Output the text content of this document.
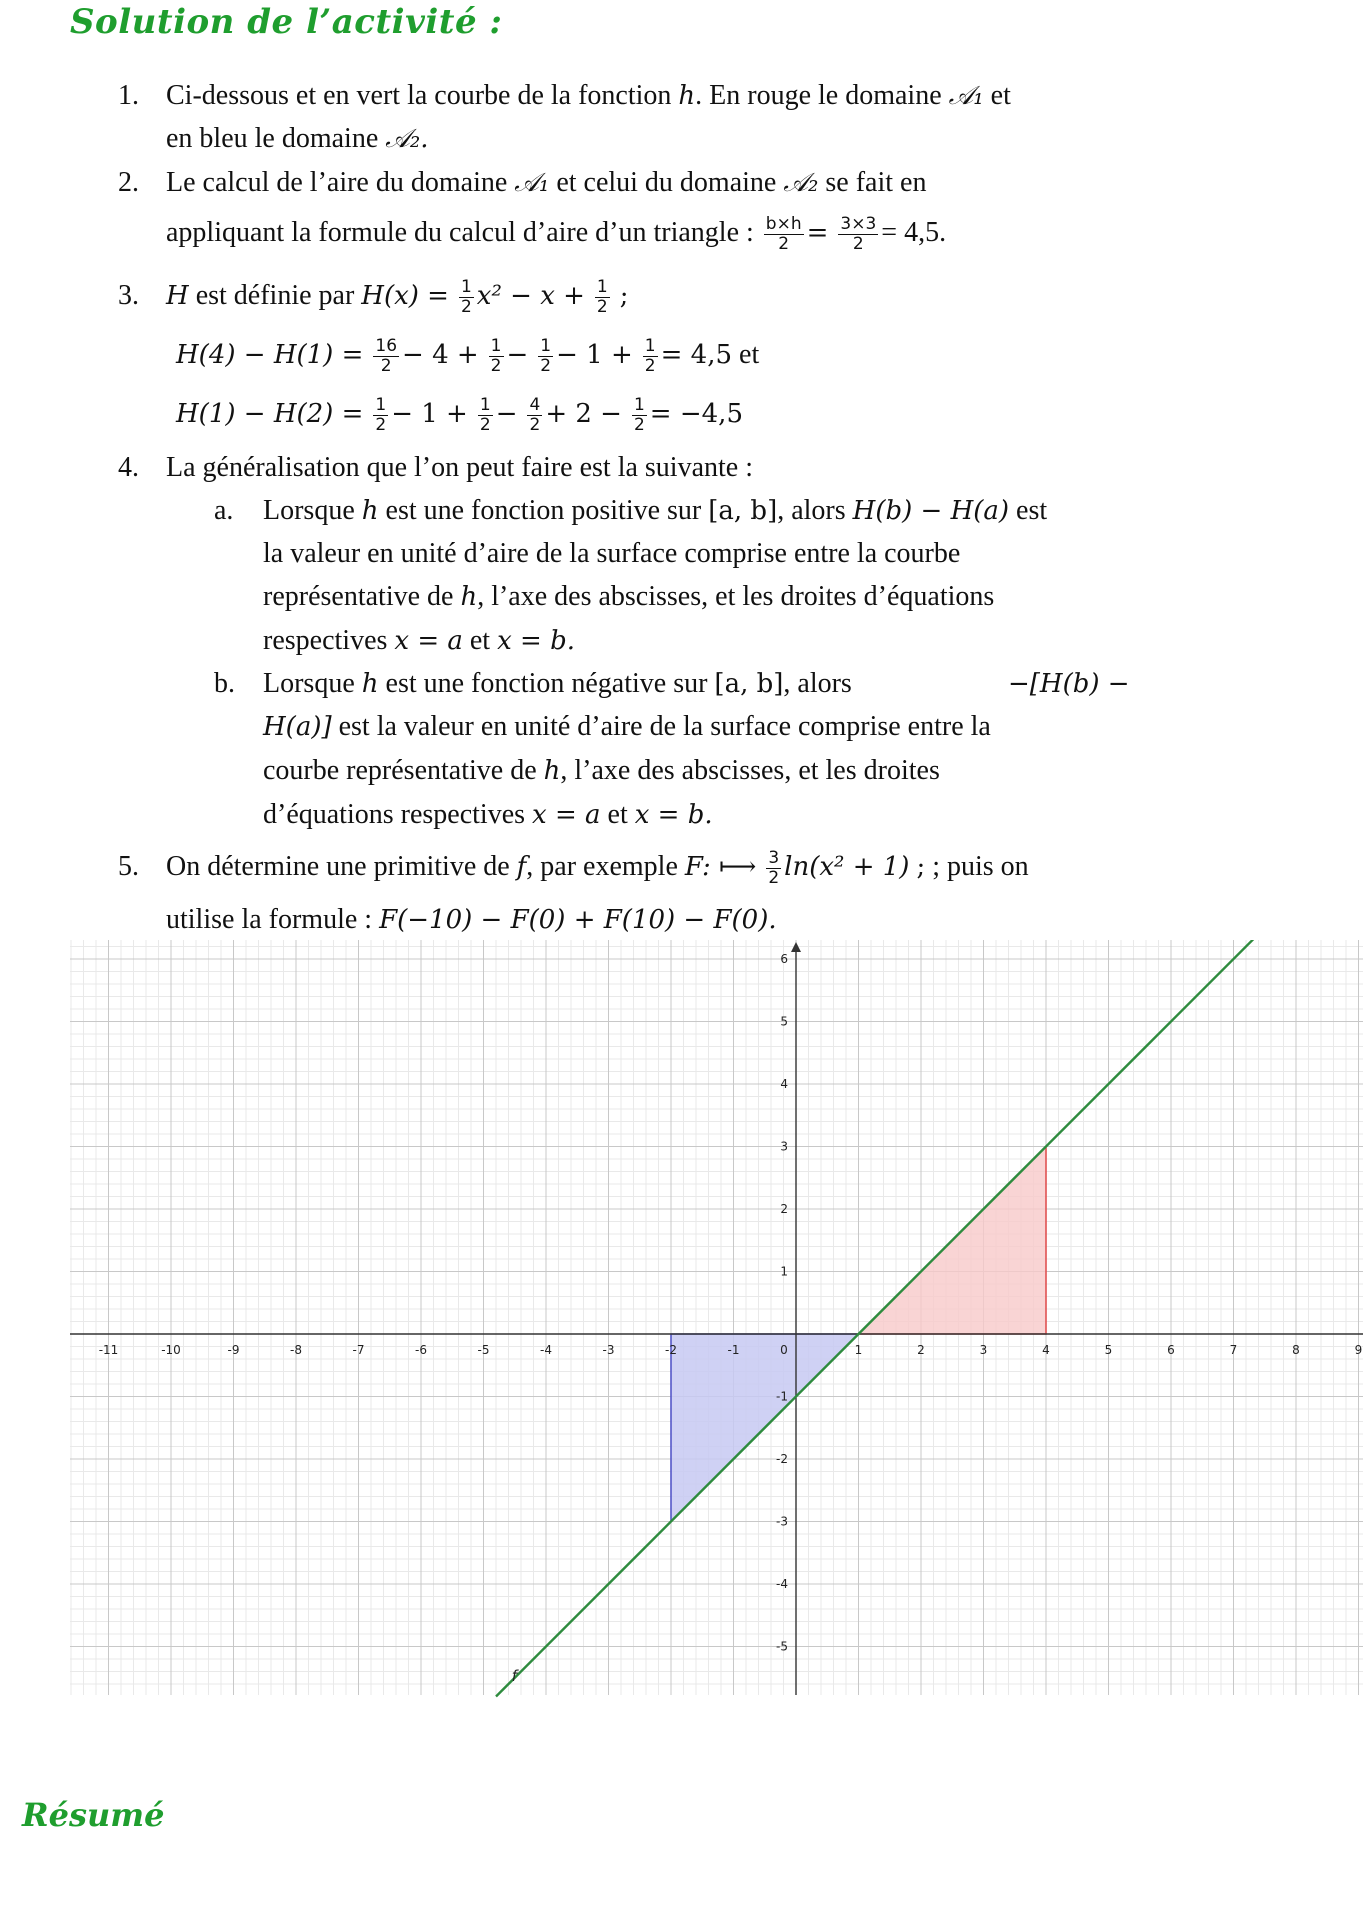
Solution de l’activité :
1. Ci-dessous et en vert la courbe de la fonction h. En rouge le domaine 𝒜₁ et
en bleu le domaine 𝒜₂.
2. Le calcul de l’aire du domaine 𝒜₁ et celui du domaine 𝒜₂ se fait en
appliquant la formule du calcul d’aire d’un triangle : $\frac{b\times h}{2} = \frac{3\times 3}{2} = 4,5$.
3. H est définie par $H(x) = \frac{1}{2} x^2 - x + \frac{1}{2}$ ;
$H(4) - H(1) = \frac{16}{2} - 4 + \frac{1}{2} - \frac{1}{2} - 1 + \frac{1}{2} = 4,5$ et
$H(1) - H(2) = \frac{1}{2} - 1 + \frac{1}{2} - \frac{4}{2} + 2 - \frac{1}{2} = -4,5$
4. La généralisation que l’on peut faire est la suivante :
a. Lorsque h est une fonction positive sur [a, b], alors H(b) − H(a) est
la valeur en unité d’aire de la surface comprise entre la courbe
représentative de h, l’axe des abscisses, et les droites d’équations
respectives x = a et x = b.
b. Lorsque h est une fonction négative sur [a, b], alors	−[H(b) −
H(a)] est la valeur en unité d’aire de la surface comprise entre la
courbe représentative de h, l’axe des abscisses, et les droites
d’équations respectives x = a et x = b.
5. On détermine une primitive de f, par exemple F: ⟼ $\frac{3}{2} \ln(x^2 + 1)$ ; ; puis on
utilise la formule : F(−10) − F(0) + F(10) − F(0).
-11	-10	-9	-8	-7	-6	-5	-4	-3	-2	-1	0	1	2	3	4	5	6	7	8	9
-5
-4
-3
-2
-1
1
2
3
4
5
6
f
Résumé
